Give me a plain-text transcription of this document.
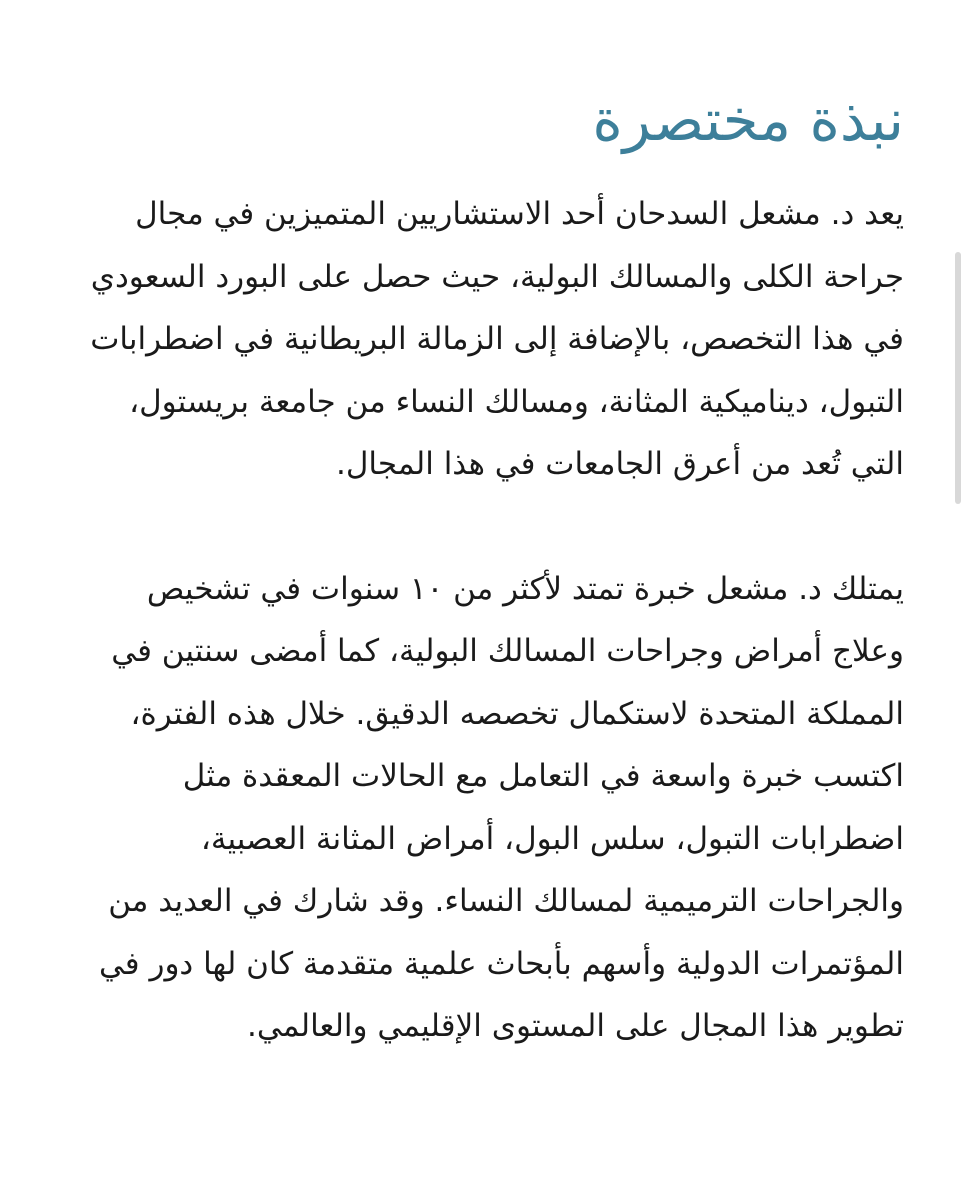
نبذة مختصرة

يعد د. مشعل السدحان أحد الاستشاريين المتميزين في مجال جراحة الكلى والمسالك البولية، حيث حصل على البورد السعودي في هذا التخصص، بالإضافة إلى الزمالة البريطانية في اضطرابات التبول، ديناميكية المثانة، ومسالك النساء من جامعة بريستول، التي تُعد من أعرق الجامعات في هذا المجال.

يمتلك د. مشعل خبرة تمتد لأكثر من ١٠ سنوات في تشخيص وعلاج أمراض وجراحات المسالك البولية، كما أمضى سنتين في المملكة المتحدة لاستكمال تخصصه الدقيق. خلال هذه الفترة، اكتسب خبرة واسعة في التعامل مع الحالات المعقدة مثل اضطرابات التبول، سلس البول، أمراض المثانة العصبية، والجراحات الترميمية لمسالك النساء. وقد شارك في العديد من المؤتمرات الدولية وأسهم بأبحاث علمية متقدمة كان لها دور في تطوير هذا المجال على المستوى الإقليمي والعالمي.
